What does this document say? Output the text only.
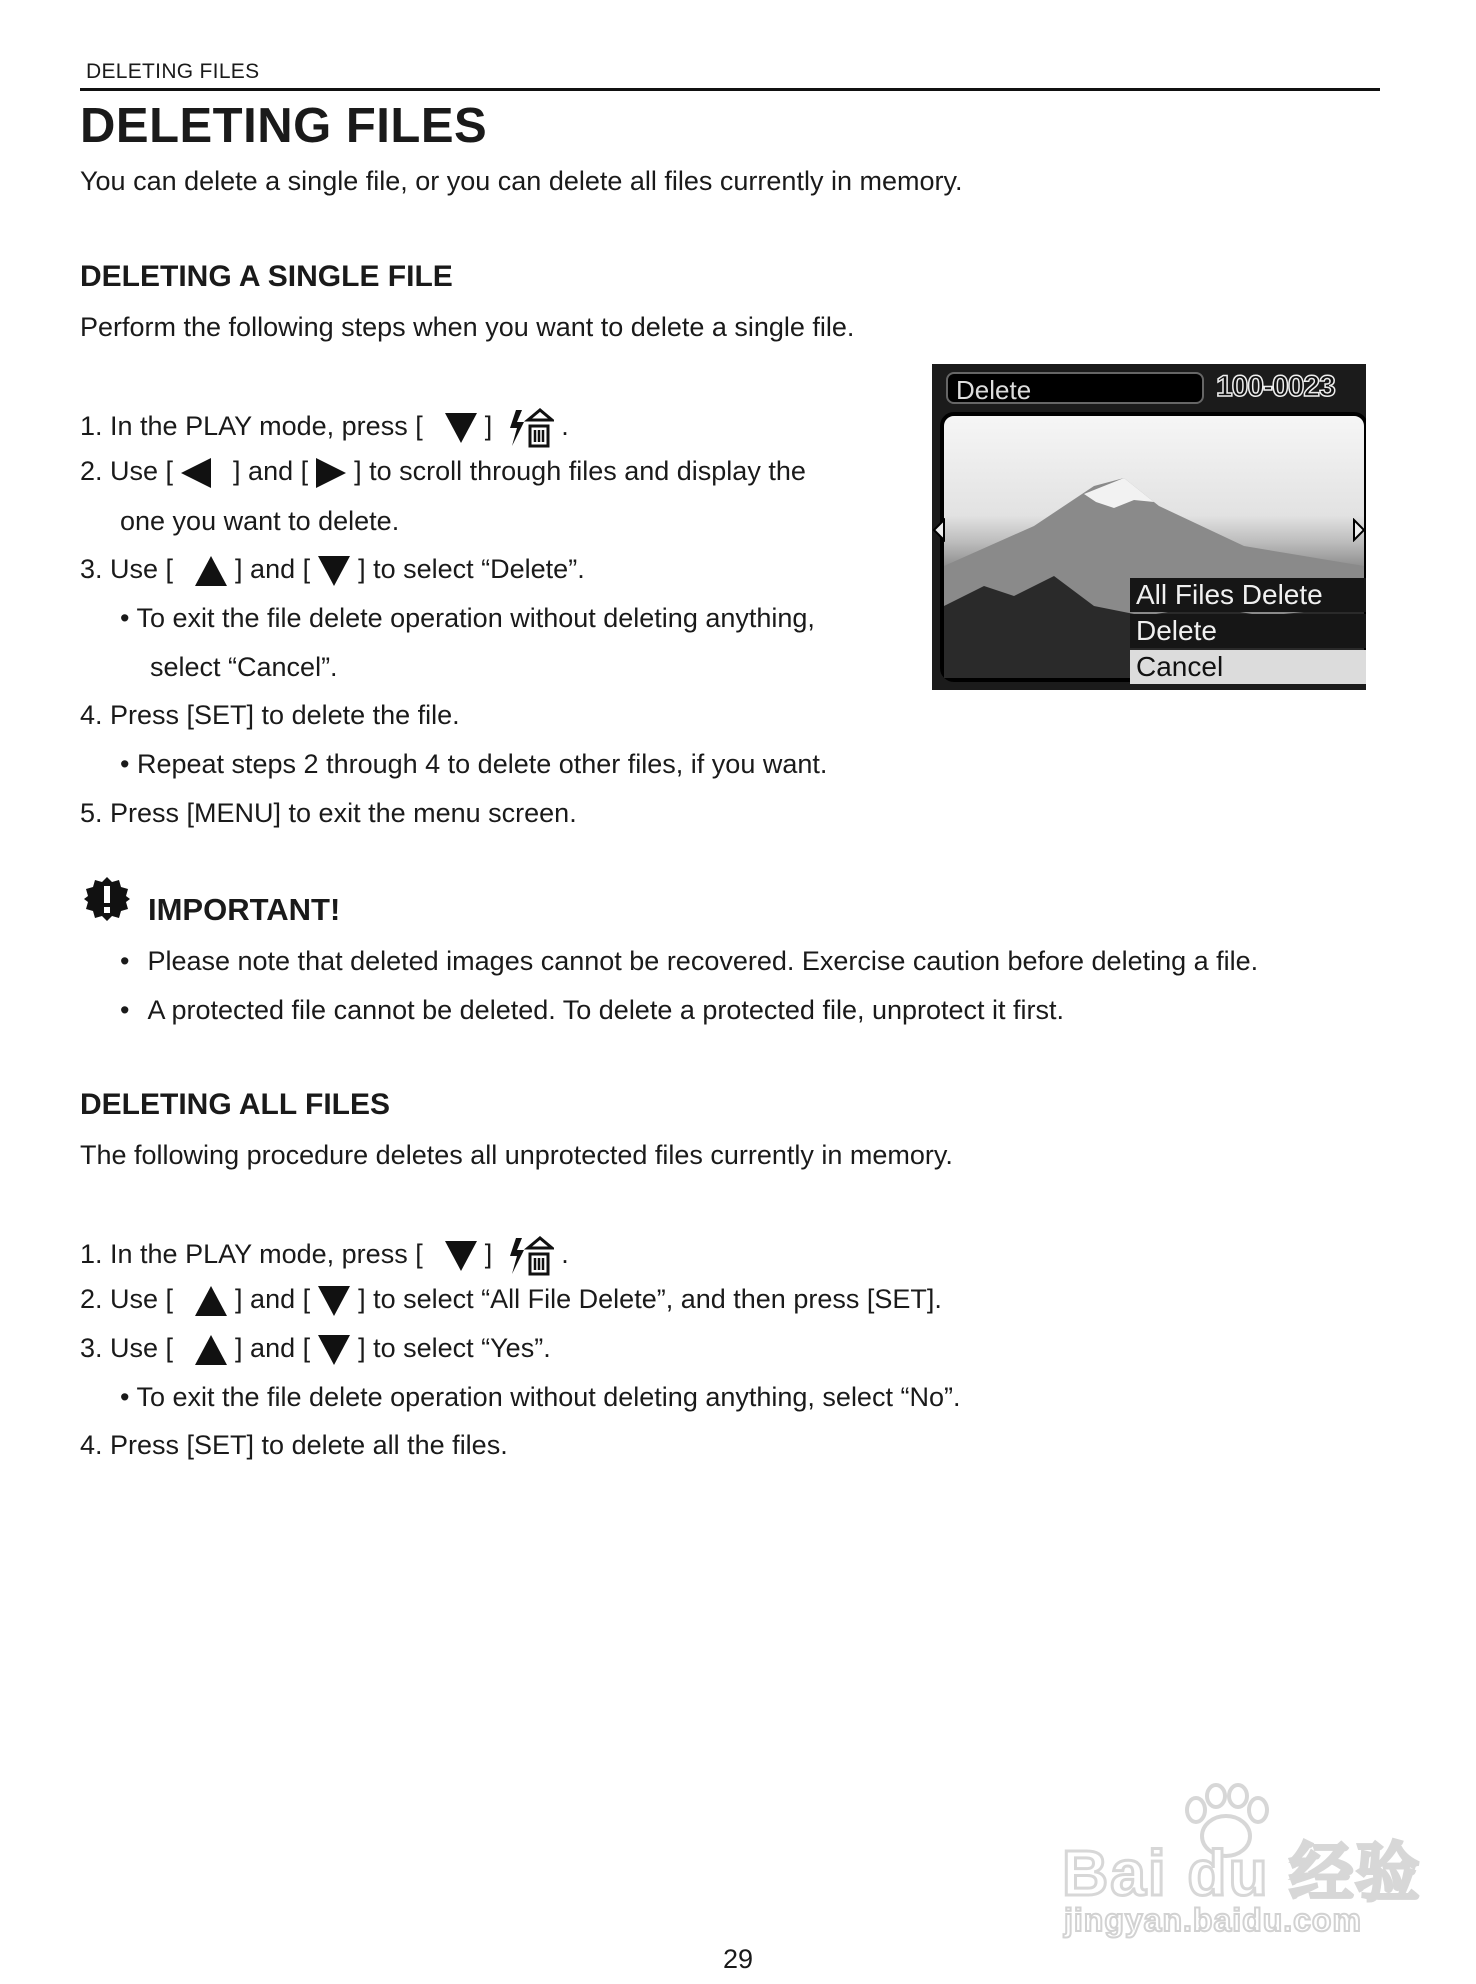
DELETING FILES
DELETING FILES
You can delete a single file, or you can delete all files currently in memory.
DELETING A SINGLE FILE
Perform the following steps when you want to delete a single file.
1. In the PLAY mode, press [ ]	.
2. Use [ ] and [ ] to scroll through files and display the
one you want to delete.
3. Use [ ] and [ ] to select “Delete”.
• To exit the file delete operation without deleting anything,
select “Cancel”.
4. Press [SET] to delete the file.
• Repeat steps 2 through 4 to delete other files, if you want.
5. Press [MENU] to exit the menu screen.
Delete	100-0023
All Files Delete
Delete
Cancel
IMPORTANT!
• Please note that deleted images cannot be recovered. Exercise caution before deleting a file.
• A protected file cannot be deleted. To delete a protected file, unprotect it first.
DELETING ALL FILES
The following procedure deletes all unprotected files currently in memory.
1. In the PLAY mode, press [ ]	.
2. Use [ ] and [ ] to select “All File Delete”, and then press [SET].
3. Use [ ] and [ ] to select “Yes”.
• To exit the file delete operation without deleting anything, select “No”.
4. Press [SET] to delete all the files.
29
Bai du 经验
jingyan.baidu.com
